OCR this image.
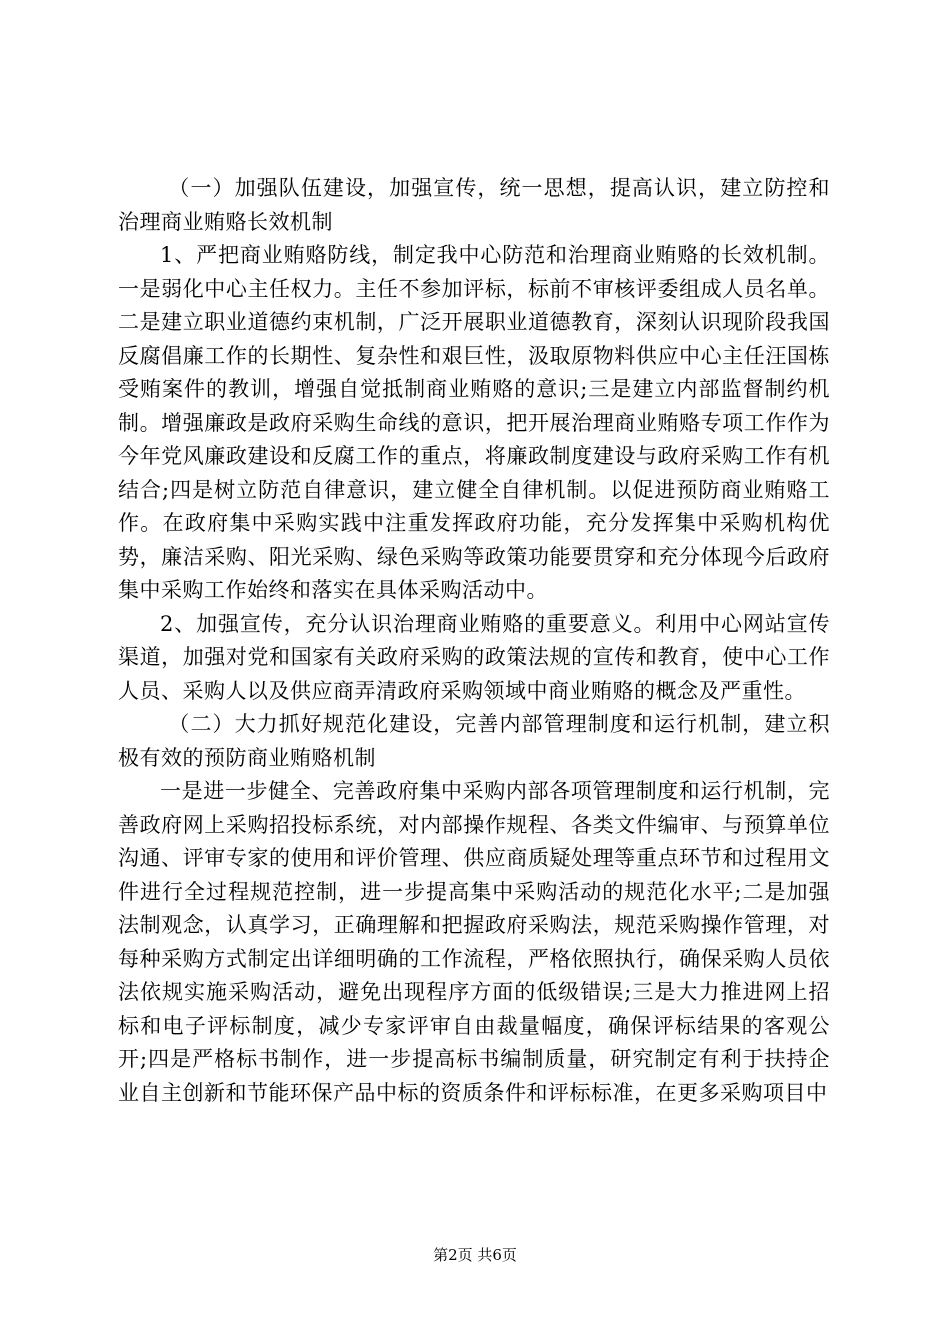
（一）加强队伍建设，加强宣传，统一思想，提高认识，建立防控和治理商业贿赂长效机制

1、严把商业贿赂防线，制定我中心防范和治理商业贿赂的长效机制。一是弱化中心主任权力。主任不参加评标，标前不审核评委组成人员名单。二是建立职业道德约束机制，广泛开展职业道德教育，深刻认识现阶段我国反腐倡廉工作的长期性、复杂性和艰巨性，汲取原物料供应中心主任汪国栋受贿案件的教训，增强自觉抵制商业贿赂的意识;三是建立内部监督制约机制。增强廉政是政府采购生命线的意识，把开展治理商业贿赂专项工作作为今年党风廉政建设和反腐工作的重点，将廉政制度建设与政府采购工作有机结合;四是树立防范自律意识，建立健全自律机制。以促进预防商业贿赂工作。在政府集中采购实践中注重发挥政府功能，充分发挥集中采购机构优势，廉洁采购、阳光采购、绿色采购等政策功能要贯穿和充分体现今后政府集中采购工作始终和落实在具体采购活动中。

2、加强宣传，充分认识治理商业贿赂的重要意义。利用中心网站宣传渠道，加强对党和国家有关政府采购的政策法规的宣传和教育，使中心工作人员、采购人以及供应商弄清政府采购领域中商业贿赂的概念及严重性。

（二）大力抓好规范化建设，完善内部管理制度和运行机制，建立积极有效的预防商业贿赂机制

一是进一步健全、完善政府集中采购内部各项管理制度和运行机制，完善政府网上采购招投标系统，对内部操作规程、各类文件编审、与预算单位沟通、评审专家的使用和评价管理、供应商质疑处理等重点环节和过程用文件进行全过程规范控制，进一步提高集中采购活动的规范化水平;二是加强法制观念，认真学习，正确理解和把握政府采购法，规范采购操作管理，对每种采购方式制定出详细明确的工作流程，严格依照执行，确保采购人员依法依规实施采购活动，避免出现程序方面的低级错误;三是大力推进网上招标和电子评标制度，减少专家评审自由裁量幅度，确保评标结果的客观公开;四是严格标书制作，进一步提高标书编制质量，研究制定有利于扶持企业自主创新和节能环保产品中标的资质条件和评标标准，在更多采购项目中

第2页 共6页
